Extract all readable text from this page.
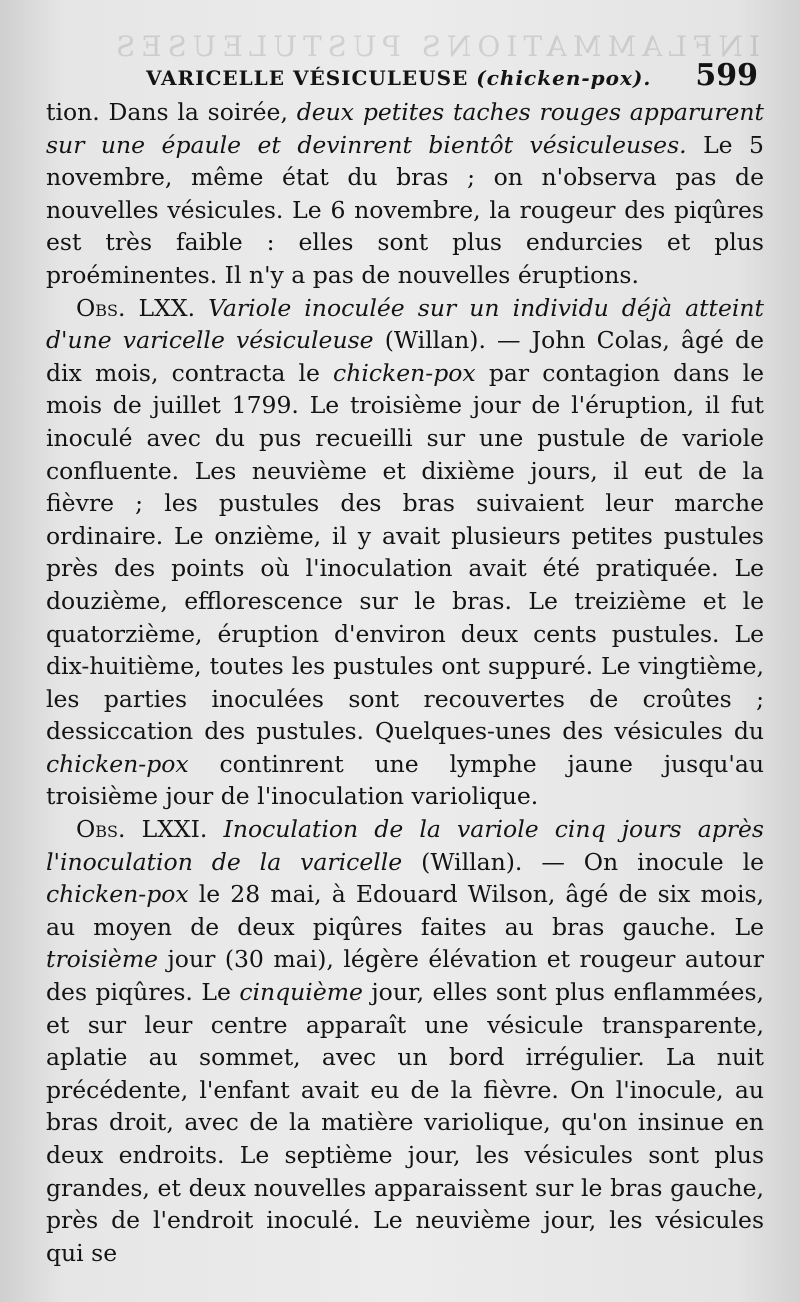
INFLAMMATIONS PUSTULEUSES
VARICELLE VÉSICULEUSE (chicken-pox). 599

tion. Dans la soirée, deux petites taches rouges apparurent sur une épaule et devinrent bientôt vésiculeuses. Le 5 novembre, même état du bras ; on n'observa pas de nouvelles vésicules. Le 6 novembre, la rougeur des piqûres est très faible : elles sont plus endurcies et plus proéminentes. Il n'y a pas de nouvelles éruptions.

Obs. LXX. Variole inoculée sur un individu déjà atteint d'une varicelle vésiculeuse (Willan). — John Colas, âgé de dix mois, contracta le chicken-pox par contagion dans le mois de juillet 1799. Le troisième jour de l'éruption, il fut inoculé avec du pus recueilli sur une pustule de variole confluente. Les neuvième et dixième jours, il eut de la fièvre ; les pustules des bras suivaient leur marche ordinaire. Le onzième, il y avait plusieurs petites pustules près des points où l'inoculation avait été pratiquée. Le douzième, efflorescence sur le bras. Le treizième et le quatorzième, éruption d'environ deux cents pustules. Le dix-huitième, toutes les pustules ont suppuré. Le vingtième, les parties inoculées sont recouvertes de croûtes ; dessiccation des pustules. Quelques-unes des vésicules du chicken-pox continrent une lymphe jaune jusqu'au troisième jour de l'inoculation variolique.

Obs. LXXI. Inoculation de la variole cinq jours après l'inoculation de la varicelle (Willan). — On inocule le chicken-pox le 28 mai, à Edouard Wilson, âgé de six mois, au moyen de deux piqûres faites au bras gauche. Le troisième jour (30 mai), légère élévation et rougeur autour des piqûres. Le cinquième jour, elles sont plus enflammées, et sur leur centre apparaît une vésicule transparente, aplatie au sommet, avec un bord irrégulier. La nuit précédente, l'enfant avait eu de la fièvre. On l'inocule, au bras droit, avec de la matière variolique, qu'on insinue en deux endroits. Le septième jour, les vésicules sont plus grandes, et deux nouvelles apparaissent sur le bras gauche, près de l'endroit inoculé. Le neuvième jour, les vésicules qui se
